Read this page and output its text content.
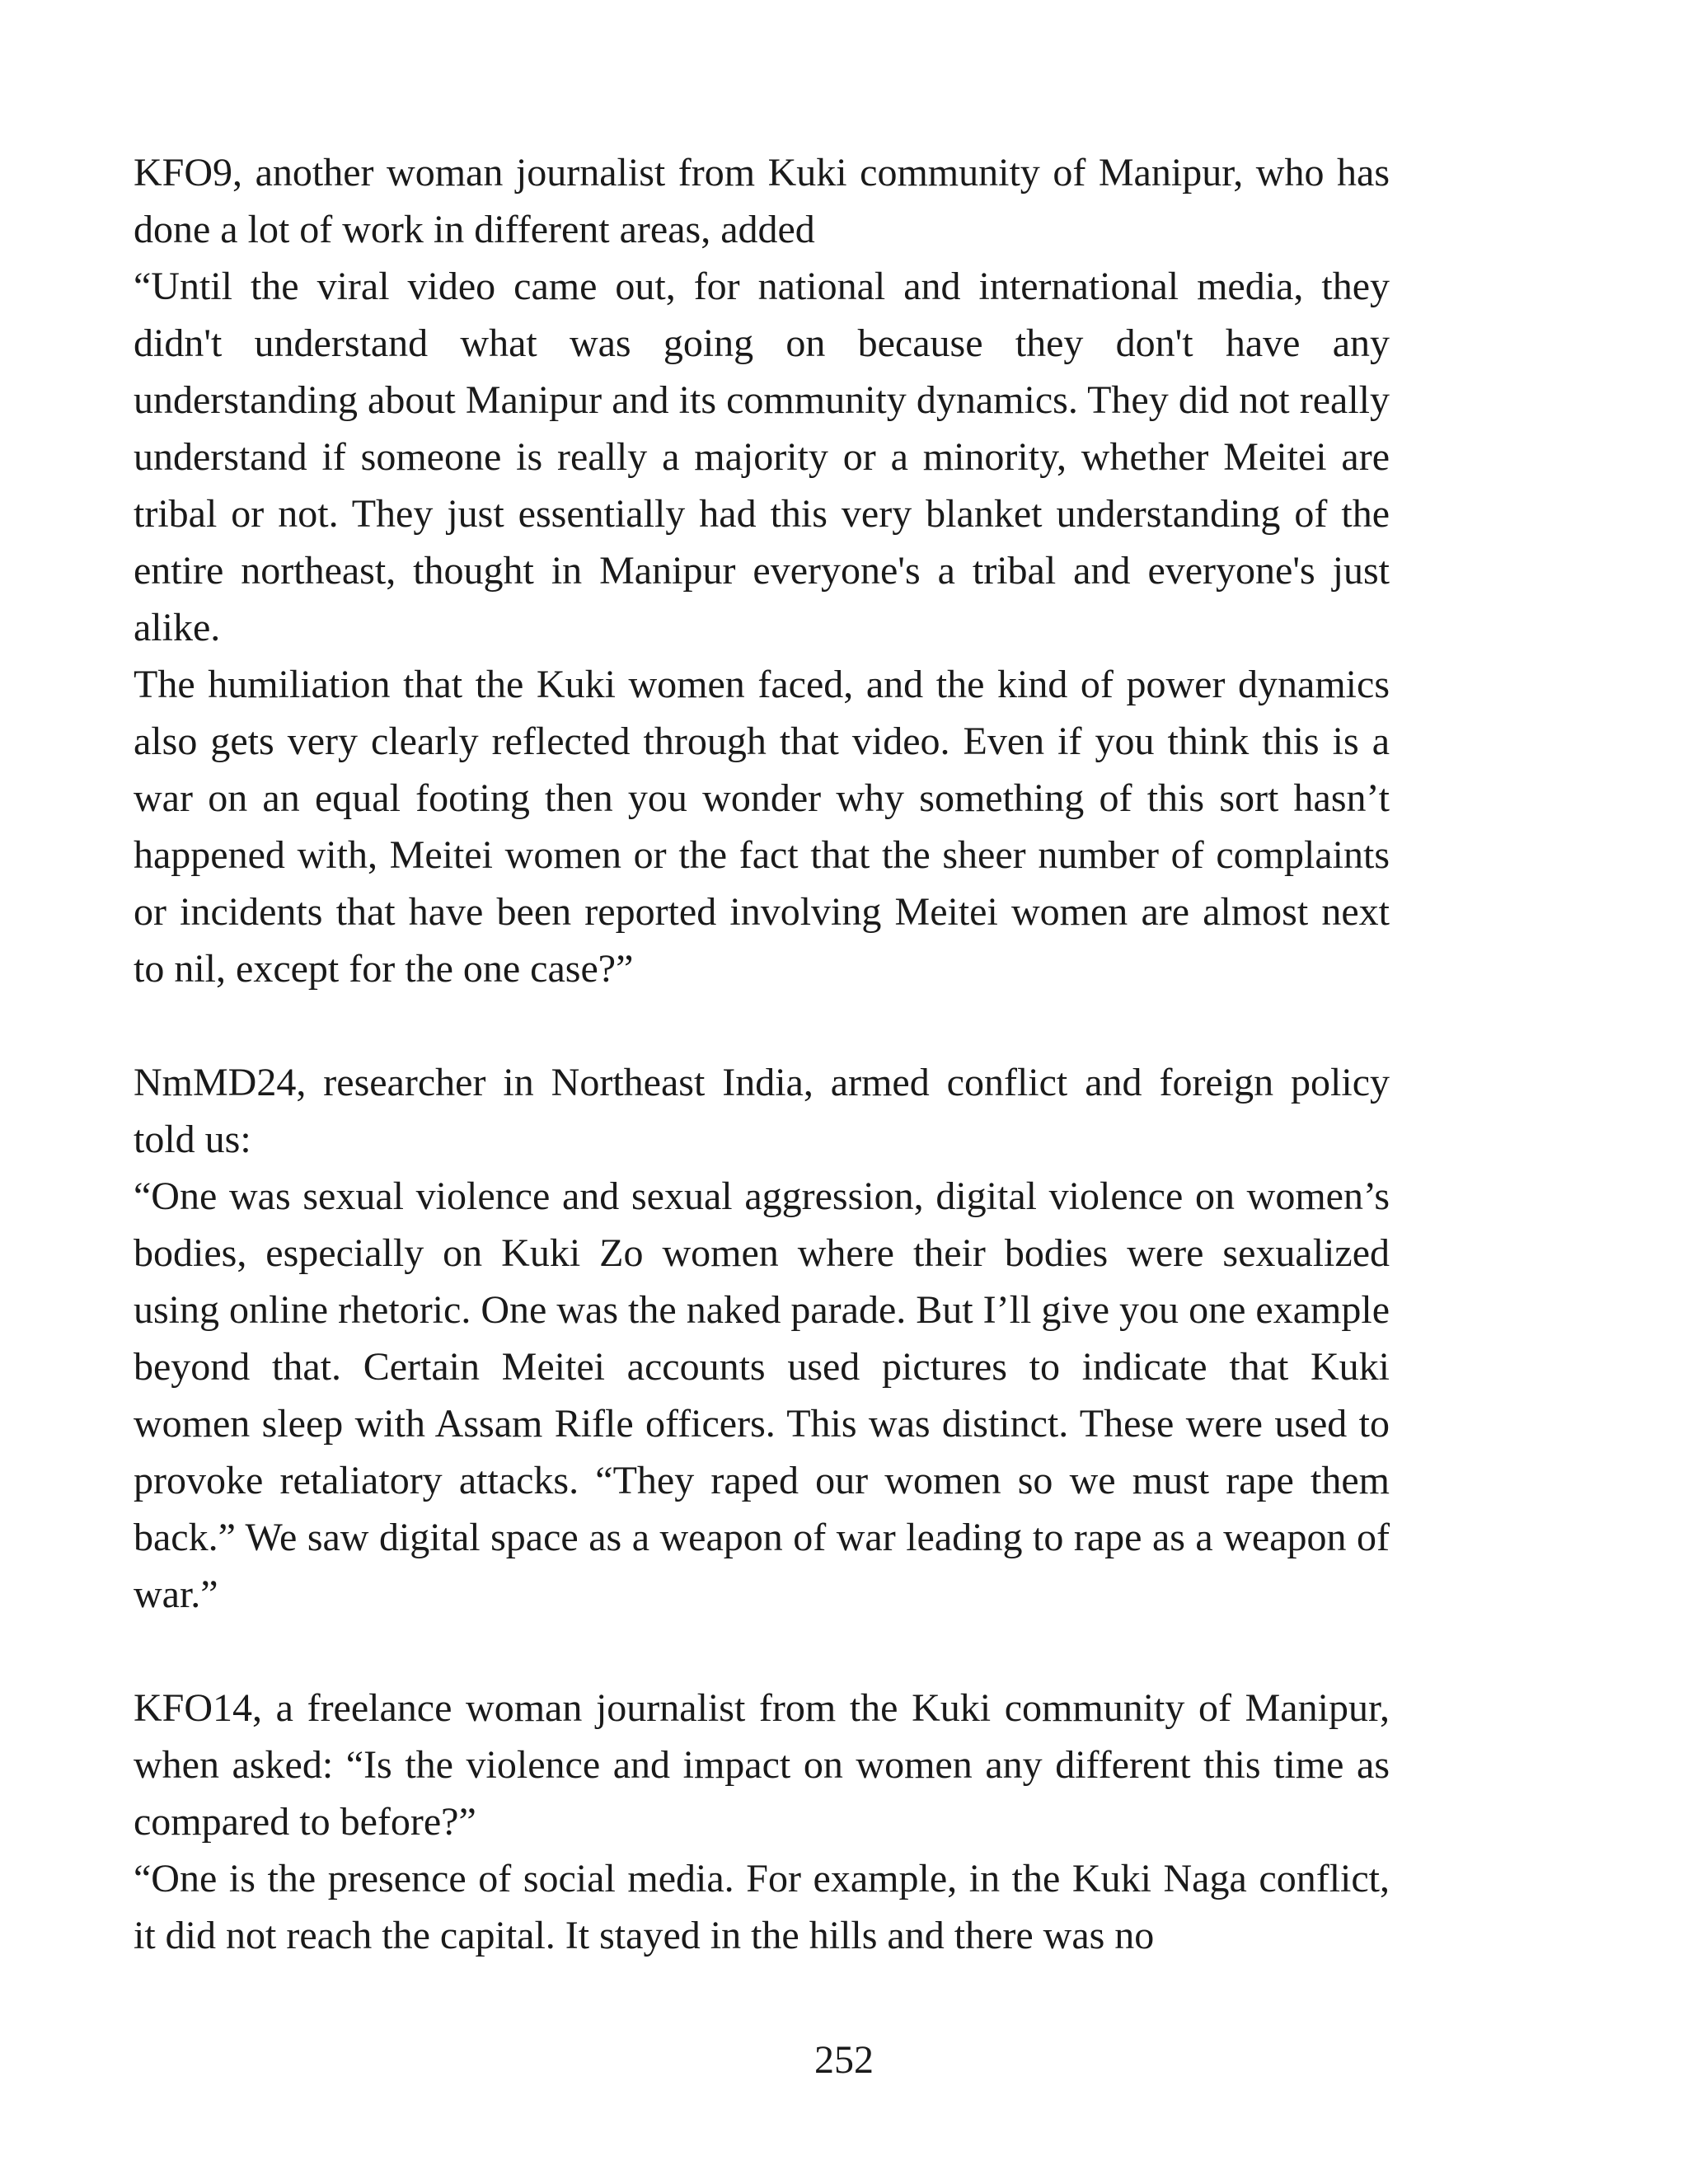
KFO9, another woman journalist from Kuki community of Manipur, who has done a lot of work in different areas, added

“Until the viral video came out, for national and international media, they didn't understand what was going on because they don't have any understanding about Manipur and its community dynamics. They did not really understand if someone is really a majority or a minority, whether Meitei are tribal or not. They just essentially had this very blanket understanding of the entire northeast, thought in Manipur everyone's a tribal and everyone's just alike.

The humiliation that the Kuki women faced, and the kind of power dynamics also gets very clearly reflected through that video. Even if you think this is a war on an equal footing then you wonder why something of this sort hasn’t happened with, Meitei women or the fact that the sheer number of complaints or incidents that have been reported involving Meitei women are almost next to nil, except for the one case?”

NmMD24, researcher in Northeast India, armed conflict and foreign policy told us:

“One was sexual violence and sexual aggression, digital violence on women’s bodies, especially on Kuki Zo women where their bodies were sexualized using online rhetoric. One was the naked parade. But I’ll give you one example beyond that. Certain Meitei accounts used pictures to indicate that Kuki women sleep with Assam Rifle officers. This was distinct. These were used to provoke retaliatory attacks. “They raped our women so we must rape them back.” We saw digital space as a weapon of war leading to rape as a weapon of war.”

KFO14, a freelance woman journalist from the Kuki community of Manipur, when asked: “Is the violence and impact on women any different this time as compared to before?”

“One is the presence of social media. For example, in the Kuki Naga conflict, it did not reach the capital. It stayed in the hills and there was no

252
